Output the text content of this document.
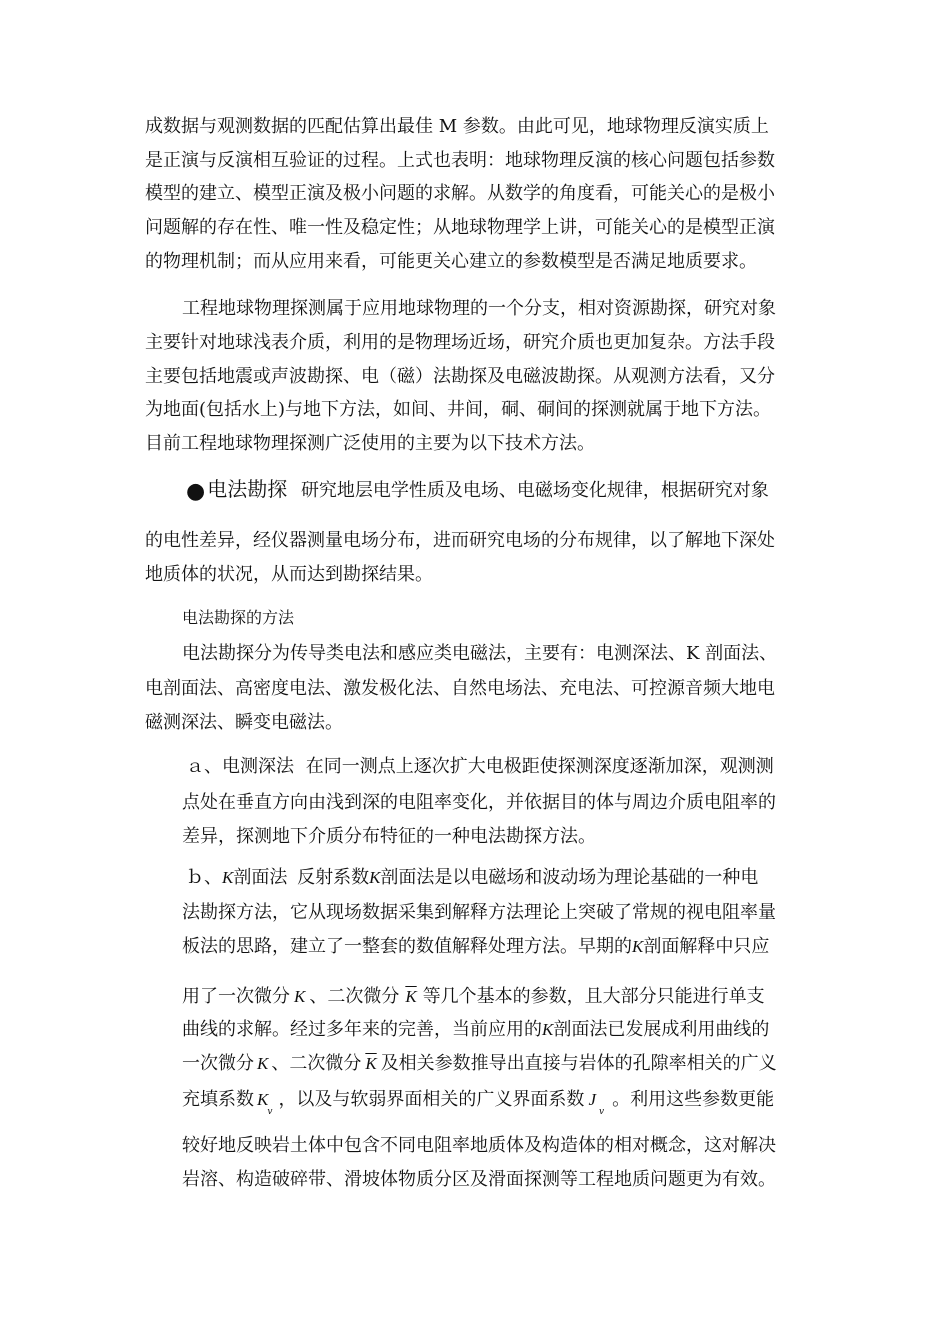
成数据与观测数据的匹配估算出最佳 M 参数。由此可见，地球物理反演实质上
是正演与反演相互验证的过程。上式也表明：地球物理反演的核心问题包括参数
模型的建立、模型正演及极小问题的求解。从数学的角度看，可能关心的是极小
问题解的存在性、唯一性及稳定性；从地球物理学上讲，可能关心的是模型正演
的物理机制；而从应用来看，可能更关心建立的参数模型是否满足地质要求。
工程地球物理探测属于应用地球物理的一个分支，相对资源勘探，研究对象
主要针对地球浅表介质，利用的是物理场近场，研究介质也更加复杂。方法手段
主要包括地震或声波勘探、电（磁）法勘探及电磁波勘探。从观测方法看，又分
为地面(包括水上)与地下方法，如间、井间，硐、硐间的探测就属于地下方法。
目前工程地球物理探测广泛使用的主要为以下技术方法。
● 电法勘探 研究地层电学性质及电场、电磁场变化规律，根据研究对象
的电性差异，经仪器测量电场分布，进而研究电场的分布规律，以了解地下深处
地质体的状况，从而达到勘探结果。
电法勘探的方法
电法勘探分为传导类电法和感应类电磁法，主要有：电测深法、K 剖面法、
电剖面法、高密度电法、激发极化法、自然电场法、充电法、可控源音频大地电
磁测深法、瞬变电磁法。
ａ、电测深法 在同一测点上逐次扩大电极距使探测深度逐渐加深，观测测
点处在垂直方向由浅到深的电阻率变化，并依据目的体与周边介质电阻率的
差异，探测地下介质分布特征的一种电法勘探方法。
ｂ、K剖面法 反射系数K剖面法是以电磁场和波动场为理论基础的一种电
法勘探方法，它从现场数据采集到解释方法理论上突破了常规的视电阻率量
板法的思路，建立了一整套的数值解释处理方法。早期的K剖面解释中只应
用了一次微分 K 、二次微分 $\overline{K}$ 等几个基本的参数，且大部分只能进行单支
曲线的求解。经过多年来的完善，当前应用的K剖面法已发展成利用曲线的
一次微分 K 、二次微分 $\overline{K}$ 及相关参数推导出直接与岩体的孔隙率相关的广义
充填系数 $K_v$，以及与软弱界面相关的广义界面系数 $J_v$。利用这些参数更能
较好地反映岩土体中包含不同电阻率地质体及构造体的相对概念，这对解决
岩溶、构造破碎带、滑坡体物质分区及滑面探测等工程地质问题更为有效。
